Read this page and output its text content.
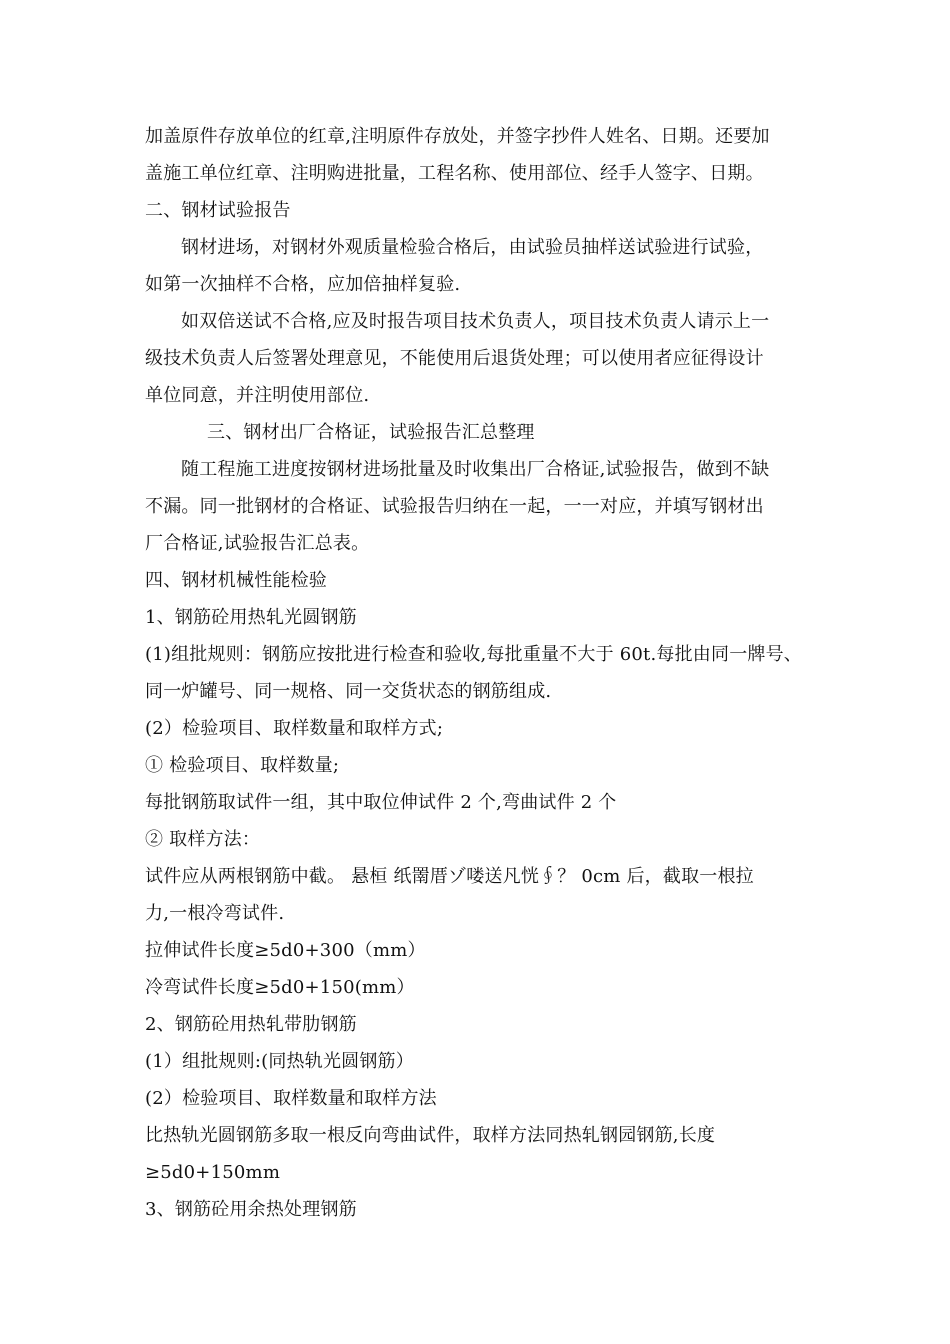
加盖原件存放单位的红章,注明原件存放处，并签字抄件人姓名、日期。还要加
盖施工单位红章、注明购进批量，工程名称、使用部位、经手人签字、日期。
二、钢材试验报告
钢材进场，对钢材外观质量检验合格后，由试验员抽样送试验进行试验，
如第一次抽样不合格，应加倍抽样复验.
如双倍送试不合格,应及时报告项目技术负责人，项目技术负责人请示上一
级技术负责人后签署处理意见，不能使用后退货处理；可以使用者应征得设计
单位同意，并注明使用部位.
三、钢材出厂合格证，试验报告汇总整理
随工程施工进度按钢材进场批量及时收集出厂合格证,试验报告，做到不缺
不漏。同一批钢材的合格证、试验报告归纳在一起，一一对应，并填写钢材出
厂合格证,试验报告汇总表。
四、钢材机械性能检验
1、钢筋砼用热轧光圆钢筋
(1)组批规则：钢筋应按批进行检查和验收,每批重量不大于 60t.每批由同一牌号、
同一炉罐号、同一规格、同一交货状态的钢筋组成.
(2）检验项目、取样数量和取样方式;
① 检验项目、取样数量;
每批钢筋取试件一组，其中取位伸试件 2 个,弯曲试件 2 个
② 取样方法：
试件应从两根钢筋中截。 悬桓 纸罱厝ゾ喽送凡恍∮？ 0cm 后，截取一根拉
力,一根冷弯试件.
拉伸试件长度≥5d0+300（mm）
冷弯试件长度≥5d0+150(mm）
2、钢筋砼用热轧带肋钢筋
(1）组批规则:(同热轨光圆钢筋）
(2）检验项目、取样数量和取样方法
比热轨光圆钢筋多取一根反向弯曲试件，取样方法同热轧钢园钢筋,长度
≥5d0+150mm
3、钢筋砼用余热处理钢筋
